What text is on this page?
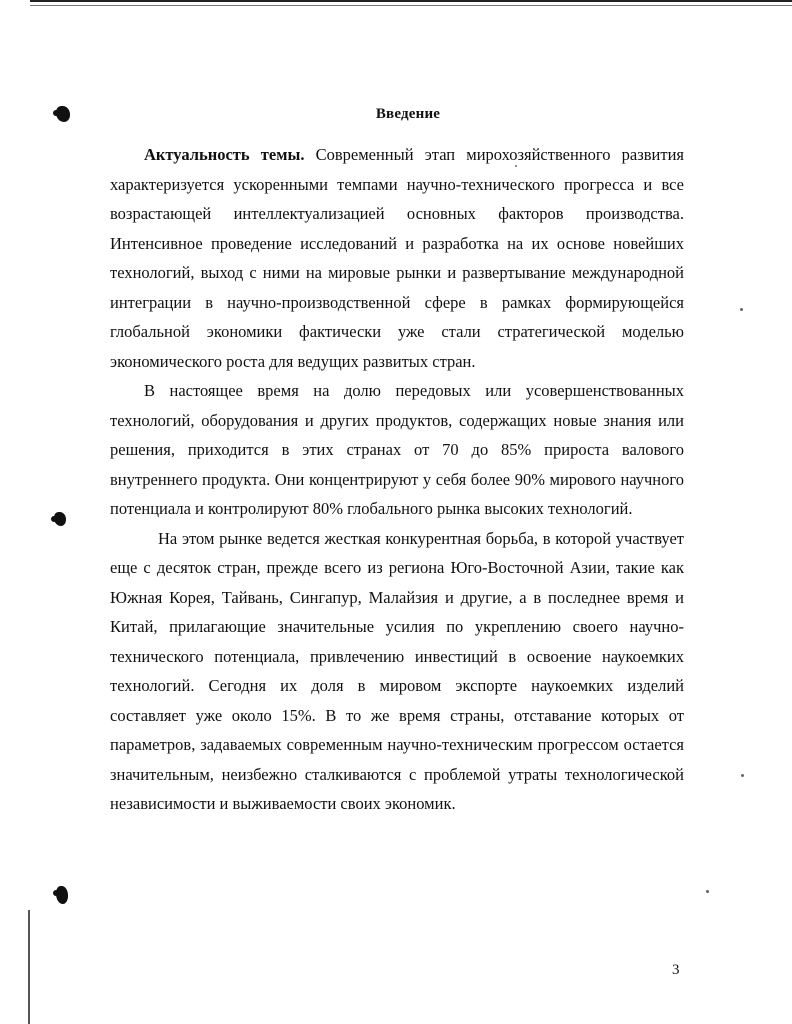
Введение

Актуальность темы. Современный этап мирохозяйственного развития характеризуется ускоренными темпами научно-технического прогресса и все возрастающей интеллектуализацией основных факторов производства. Интенсивное проведение исследований и разработка на их основе новейших технологий, выход с ними на мировые рынки и развертывание международной интеграции в научно-производственной сфере в рамках формирующейся глобальной экономики фактически уже стали стратегической моделью экономического роста для ведущих развитых стран.

В настоящее время на долю передовых или усовершенствованных технологий, оборудования и других продуктов, содержащих новые знания или решения, приходится в этих странах от 70 до 85% прироста валового внутреннего продукта. Они концентрируют у себя более 90% мирового научного потенциала и контролируют 80% глобального рынка высоких технологий.

На этом рынке ведется жесткая конкурентная борьба, в которой участвует еще с десяток стран, прежде всего из региона Юго-Восточной Азии, такие как Южная Корея, Тайвань, Сингапур, Малайзия и другие, а в последнее время и Китай, прилагающие значительные усилия по укреплению своего научно-технического потенциала, привлечению инвестиций в освоение наукоемких технологий. Сегодня их доля в мировом экспорте наукоемких изделий составляет уже около 15%. В то же время страны, отставание которых от параметров, задаваемых современным научно-техническим прогрессом остается значительным, неизбежно сталкиваются с проблемой утраты технологической независимости и выживаемости своих экономик.

3
